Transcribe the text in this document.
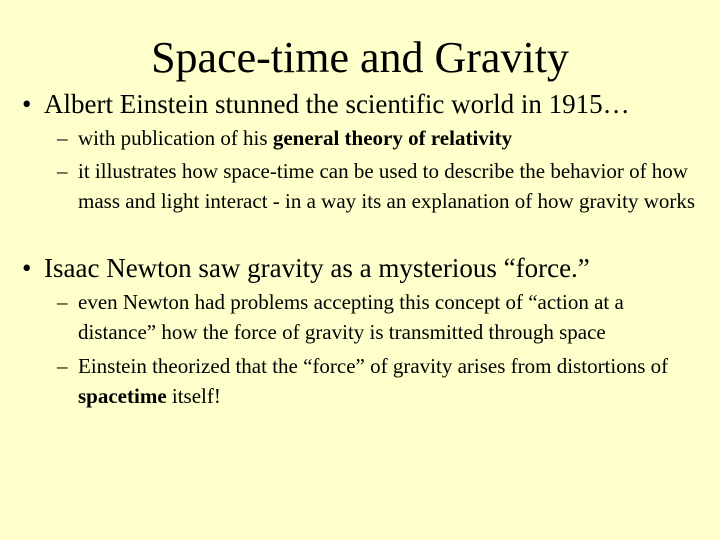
Space-time and Gravity
• Albert Einstein stunned the scientific world in 1915…
– with publication of his general theory of relativity
– it illustrates how space-time can be used to describe the behavior of how mass and light interact - in a way its an explanation of how gravity works
• Isaac Newton saw gravity as a mysterious “force.”
– even Newton had problems accepting this concept of “action at a distance” how the force of gravity is transmitted through space
– Einstein theorized that the “force” of gravity arises from distortions of spacetime itself!
